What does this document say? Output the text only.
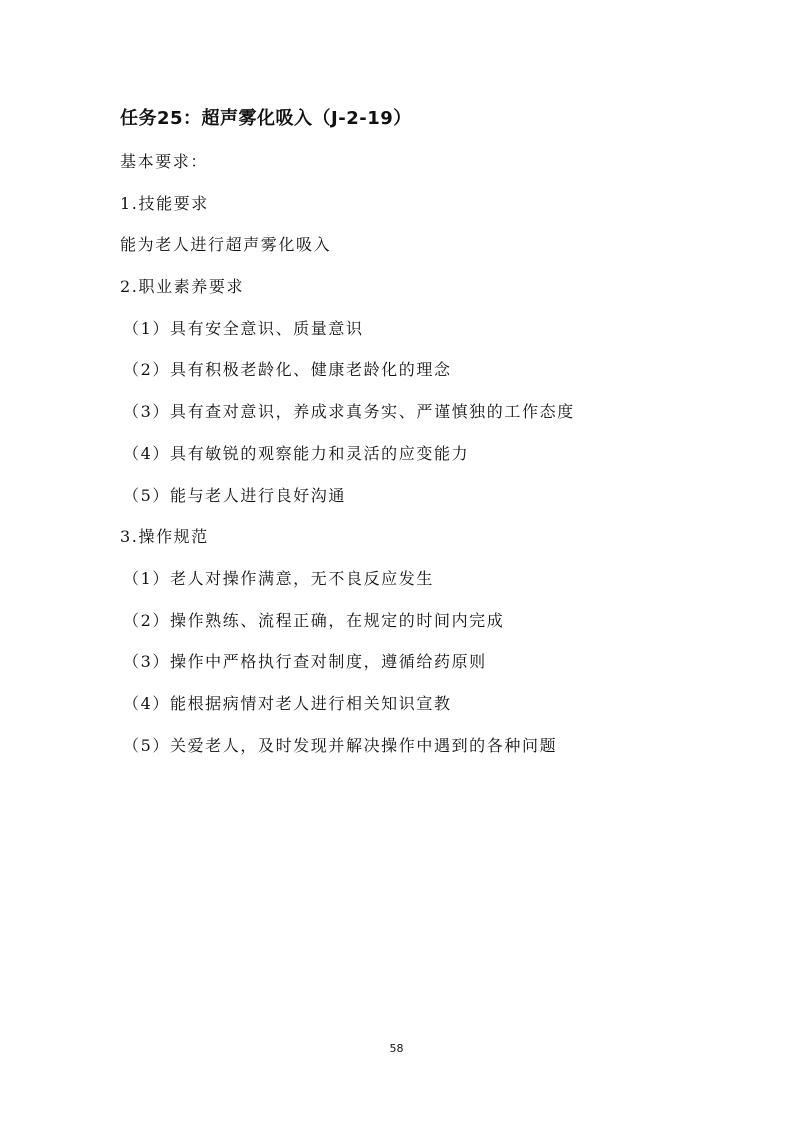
任务25：超声雾化吸入（J-2-19）
基本要求：
1.技能要求
能为老人进行超声雾化吸入
2.职业素养要求
（1）具有安全意识、质量意识
（2）具有积极老龄化、健康老龄化的理念
（3）具有查对意识，养成求真务实、严谨慎独的工作态度
（4）具有敏锐的观察能力和灵活的应变能力
（5）能与老人进行良好沟通
3.操作规范
（1）老人对操作满意，无不良反应发生
（2）操作熟练、流程正确，在规定的时间内完成
（3）操作中严格执行查对制度，遵循给药原则
（4）能根据病情对老人进行相关知识宣教
（5）关爱老人，及时发现并解决操作中遇到的各种问题
58
